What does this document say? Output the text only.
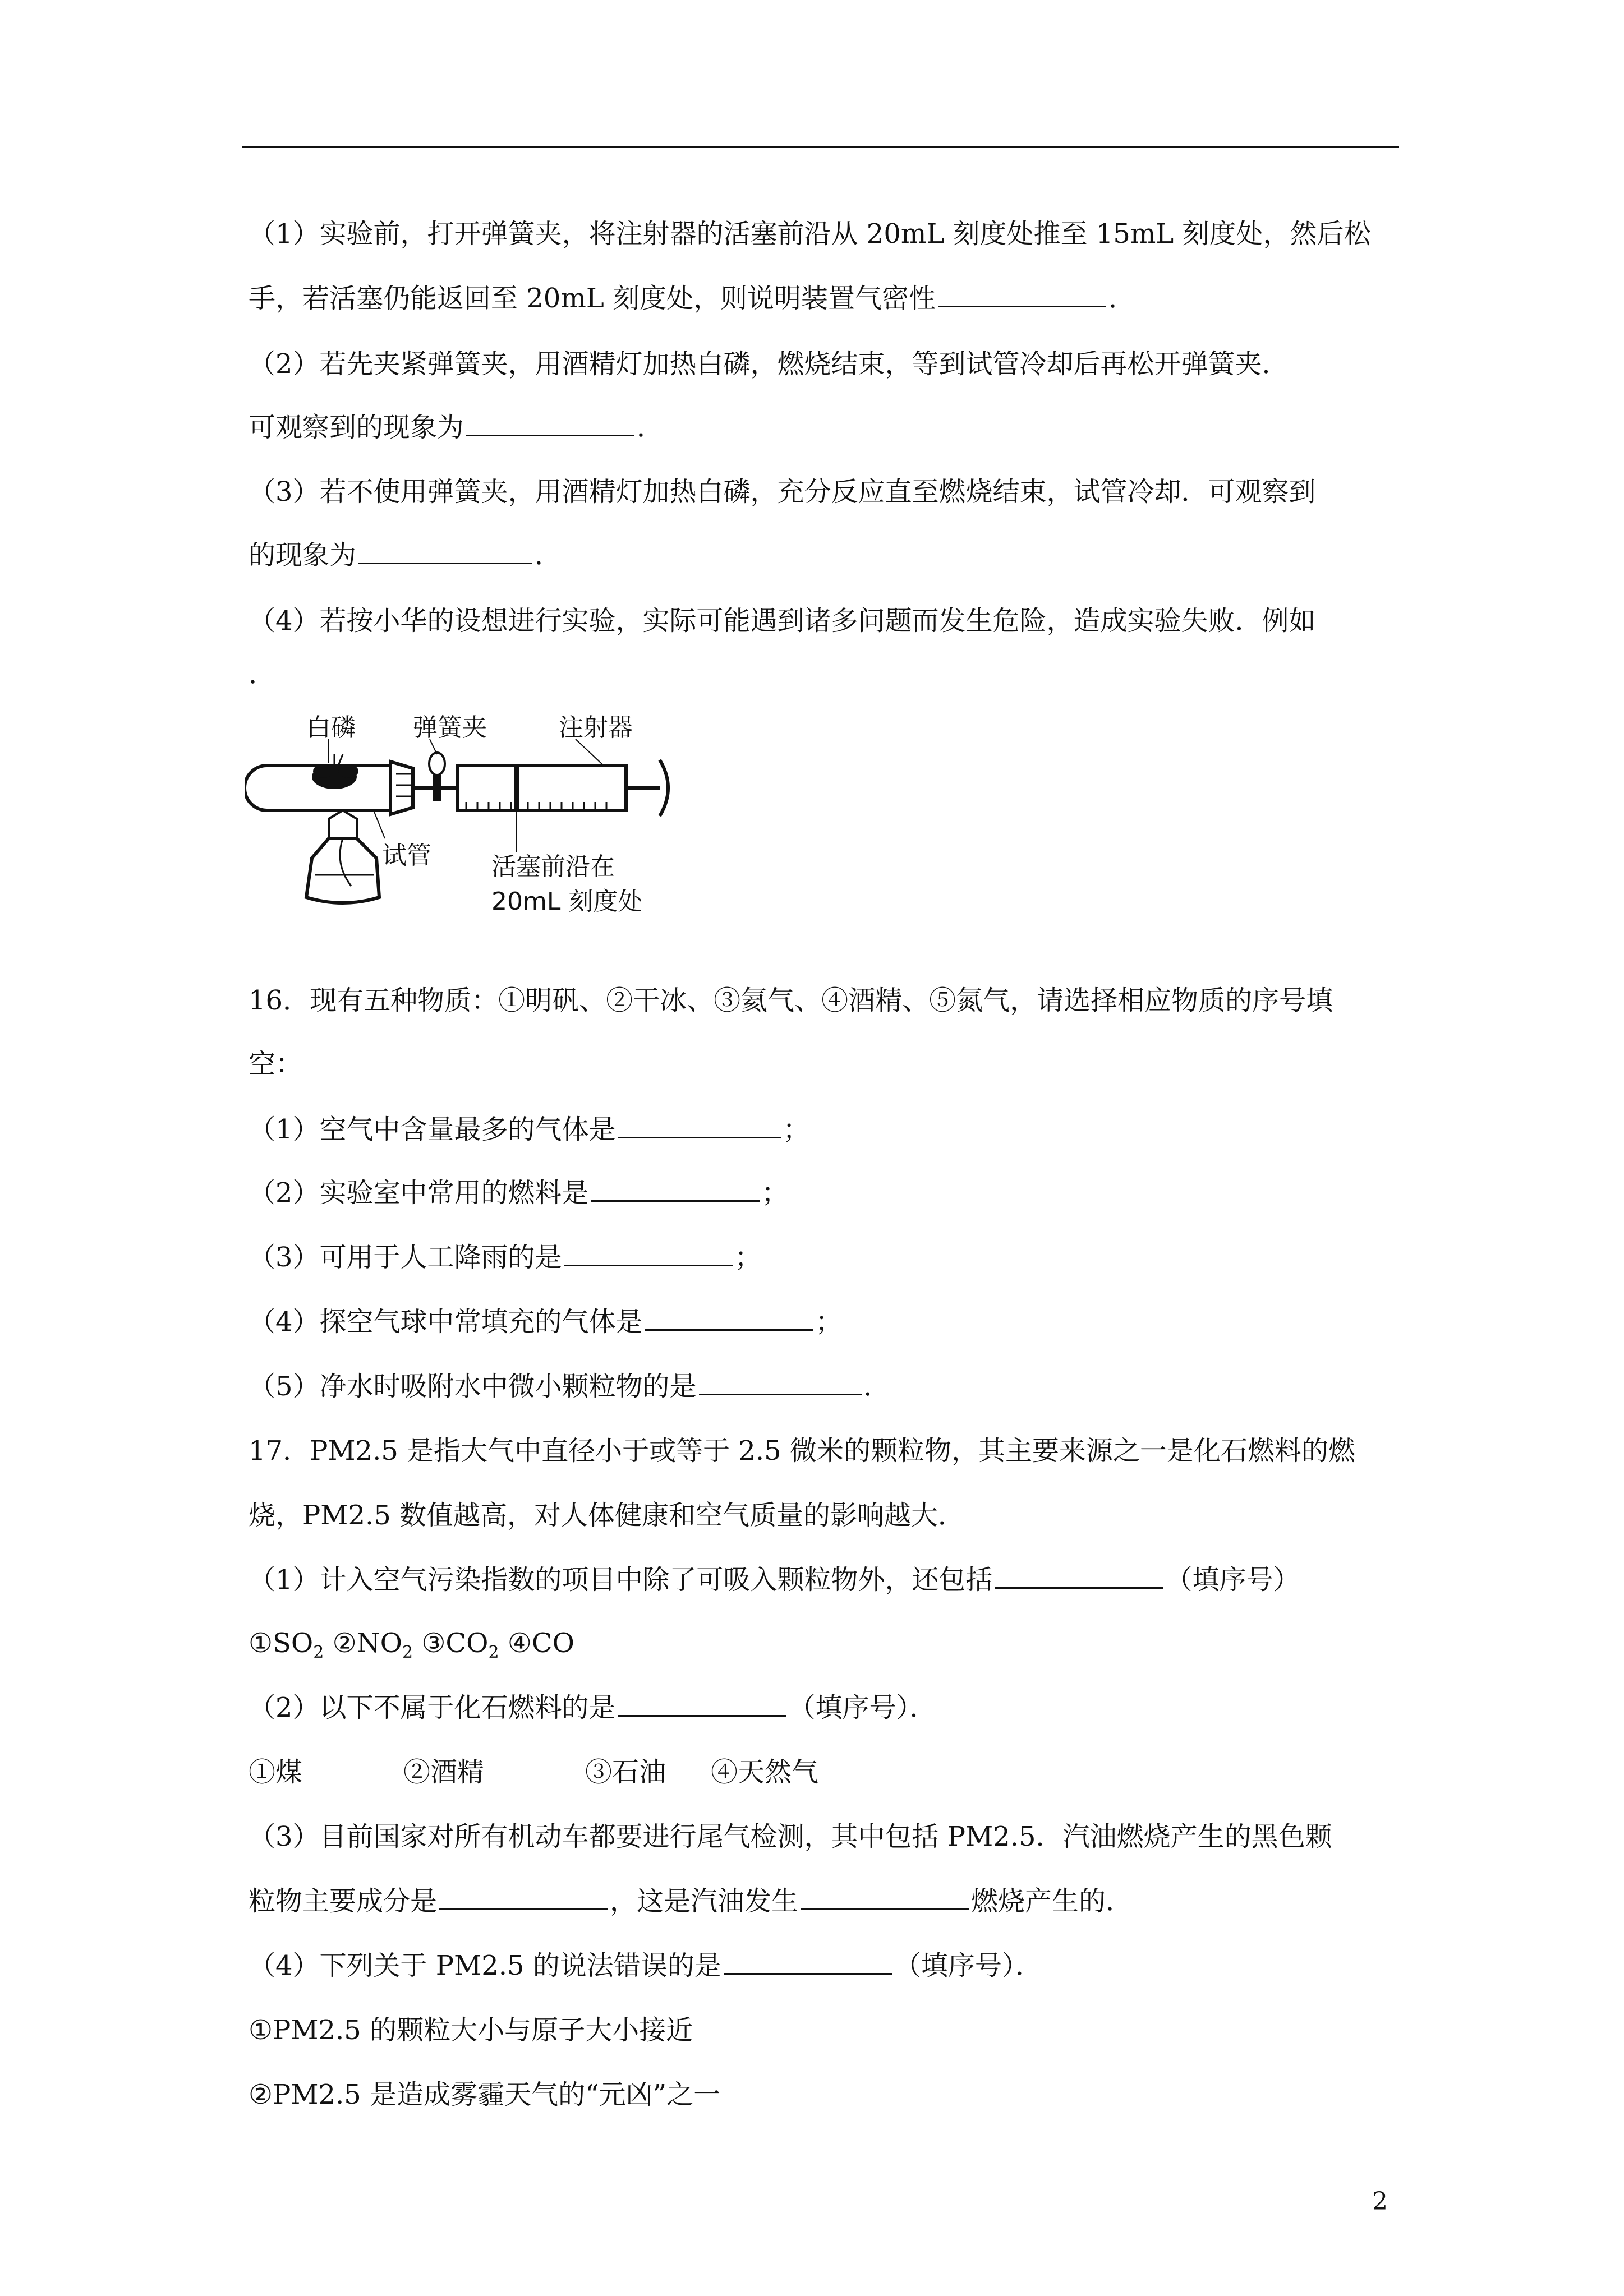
（1）实验前，打开弹簧夹，将注射器的活塞前沿从 20mL 刻度处推至 15mL 刻度处，然后松

手，若活塞仍能返回至 20mL 刻度处，则说明装置气密性	．

（2）若先夹紧弹簧夹，用酒精灯加热白磷，燃烧结束，等到试管冷却后再松开弹簧夹．

可观察到的现象为	．

（3）若不使用弹簧夹，用酒精灯加热白磷，充分反应直至燃烧结束，试管冷却．可观察到

的现象为	．

（4）若按小华的设想进行实验，实际可能遇到诸多问题而发生危险，造成实验失败．例如

．

白磷 弹簧夹	注射器
试管 活塞前沿在
20mL 刻度处

16．现有五种物质：①明矾、②干冰、③氦气、④酒精、⑤氮气，请选择相应物质的序号填

空：

（1）空气中含量最多的气体是	；

（2）实验室中常用的燃料是	；

（3）可用于人工降雨的是	；

（4）探空气球中常填充的气体是	；

（5）净水时吸附水中微小颗粒物的是	．

17．PM2.5 是指大气中直径小于或等于 2.5 微米的颗粒物，其主要来源之一是化石燃料的燃

烧，PM2.5 数值越高，对人体健康和空气质量的影响越大．

（1）计入空气污染指数的项目中除了可吸入颗粒物外，还包括	（填序号）

$①SO_2$ $②NO_2$ $③CO_2$ ④CO

（2）以下不属于化石燃料的是	（填序号）．

①煤	②酒精	③石油 ④天然气

（3）目前国家对所有机动车都要进行尾气检测，其中包括 PM2.5．汽油燃烧产生的黑色颗

粒物主要成分是	，这是汽油发生	燃烧产生的．

（4）下列关于 PM2.5 的说法错误的是	（填序号）．

①PM2.5 的颗粒大小与原子大小接近

②PM2.5 是造成雾霾天气的“元凶”之一

2
